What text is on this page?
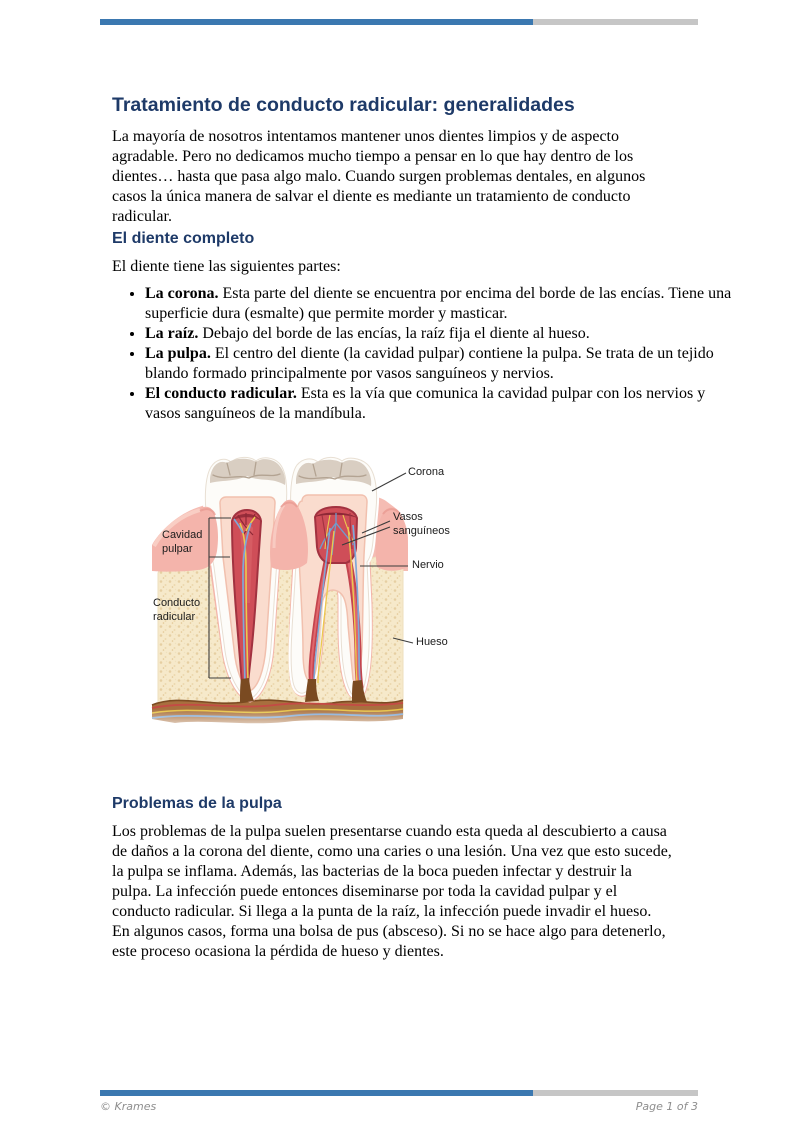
Tratamiento de conducto radicular: generalidades

La mayoría de nosotros intentamos mantener unos dientes limpios y de aspecto agradable. Pero no dedicamos mucho tiempo a pensar en lo que hay dentro de los dientes… hasta que pasa algo malo. Cuando surgen problemas dentales, en algunos casos la única manera de salvar el diente es mediante un tratamiento de conducto radicular.

El diente completo

El diente tiene las siguientes partes:

• La corona. Esta parte del diente se encuentra por encima del borde de las encías. Tiene una superficie dura (esmalte) que permite morder y masticar.
• La raíz. Debajo del borde de las encías, la raíz fija el diente al hueso.
• La pulpa. El centro del diente (la cavidad pulpar) contiene la pulpa. Se trata de un tejido blando formado principalmente por vasos sanguíneos y nervios.
• El conducto radicular. Esta es la vía que comunica la cavidad pulpar con los nervios y vasos sanguíneos de la mandíbula.
Corona
Vasos sanguíneos
Nervio
Hueso
Cavidad pulpar
Conducto radicular
Problemas de la pulpa

Los problemas de la pulpa suelen presentarse cuando esta queda al descubierto a causa de daños a la corona del diente, como una caries o una lesión. Una vez que esto sucede, la pulpa se inflama. Además, las bacterias de la boca pueden infectar y destruir la pulpa. La infección puede entonces diseminarse por toda la cavidad pulpar y el conducto radicular. Si llega a la punta de la raíz, la infección puede invadir el hueso. En algunos casos, forma una bolsa de pus (absceso). Si no se hace algo para detenerlo, este proceso ocasiona la pérdida de hueso y dientes.

© Krames	Page 1 of 3
